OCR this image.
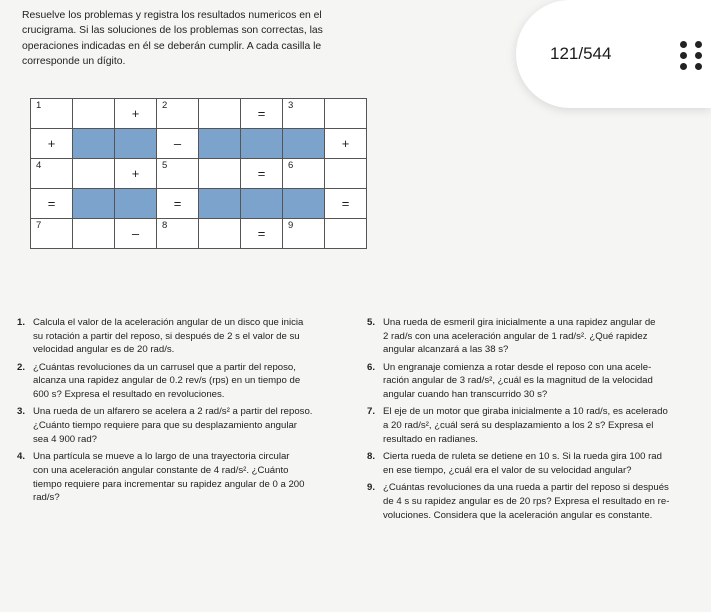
Resuelve los problemas y registra los resultados numericos en el
crucigrama. Si las soluciones de los problemas son correctas, las
operaciones indicadas en él se deberán cumplir. A cada casilla le
corresponde un dígito.	121/544
1		+	2		=	3	

+			–				+

4		+	5		=	6	

=			=				=

7		–	8		=	9	

1. Calcula el valor de la aceleración angular de un disco que inicia
su rotación a partir del reposo, si después de 2 s el valor de su
velocidad angular es de 20 rad/s.
2. ¿Cuántas revoluciones da un carrusel que a partir del reposo,
alcanza una rapidez angular de 0.2 rev/s (rps) en un tiempo de
600 s? Expresa el resultado en revoluciones.
3. Una rueda de un alfarero se acelera a 2 rad/s² a partir del reposo.
¿Cuánto tiempo requiere para que su desplazamiento angular
sea 4 900 rad?
4. Una partícula se mueve a lo largo de una trayectoria circular
con una aceleración angular constante de 4 rad/s². ¿Cuánto
tiempo requiere para incrementar su rapidez angular de 0 a 200
rad/s?
5. Una rueda de esmeril gira inicialmente a una rapidez angular de
2 rad/s con una aceleración angular de 1 rad/s². ¿Qué rapidez
angular alcanzará a las 38 s?
6. Un engranaje comienza a rotar desde el reposo con una acele-
ración angular de 3 rad/s², ¿cuál es la magnitud de la velocidad
angular cuando han transcurrido 30 s?
7. El eje de un motor que giraba inicialmente a 10 rad/s, es acelerado
a 20 rad/s², ¿cuál será su desplazamiento a los 2 s? Expresa el
resultado en radianes.
8. Cierta rueda de ruleta se detiene en 10 s. Si la rueda gira 100 rad
en ese tiempo, ¿cuál era el valor de su velocidad angular?
9. ¿Cuántas revoluciones da una rueda a partir del reposo si después
de 4 s su rapidez angular es de 20 rps? Expresa el resultado en re-
voluciones. Considera que la aceleración angular es constante.
